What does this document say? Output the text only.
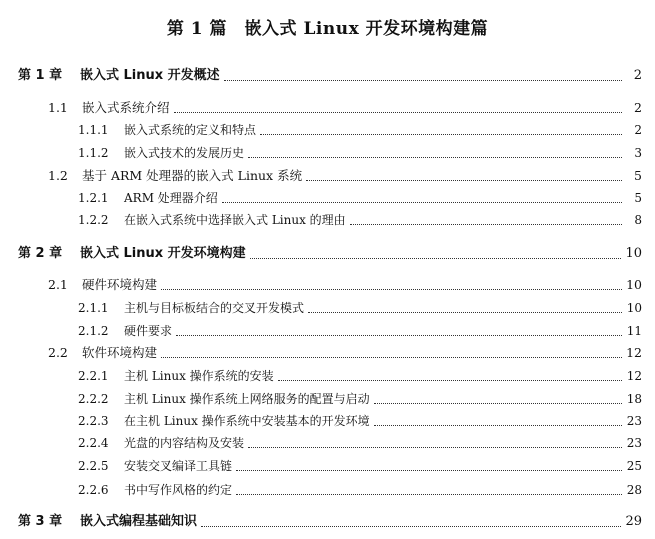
第 1 篇　嵌入式 Linux 开发环境构建篇
第 1 章	嵌入式 Linux 开发概述	2
1.1	嵌入式系统介绍	2
1.1.1	嵌入式系统的定义和特点	2
1.1.2	嵌入式技术的发展历史	3
1.2	基于 ARM 处理器的嵌入式 Linux 系统	5
1.2.1	ARM 处理器介绍	5
1.2.2	在嵌入式系统中选择嵌入式 Linux 的理由	8
第 2 章	嵌入式 Linux 开发环境构建	10
2.1	硬件环境构建	10
2.1.1	主机与目标板结合的交叉开发模式	10
2.1.2	硬件要求	11
2.2	软件环境构建	12
2.2.1	主机 Linux 操作系统的安装	12
2.2.2	主机 Linux 操作系统上网络服务的配置与启动	18
2.2.3	在主机 Linux 操作系统中安装基本的开发环境	23
2.2.4	光盘的内容结构及安装	23
2.2.5	安装交叉编译工具链	25
2.2.6	书中写作风格的约定	28
第 3 章	嵌入式编程基础知识	29
